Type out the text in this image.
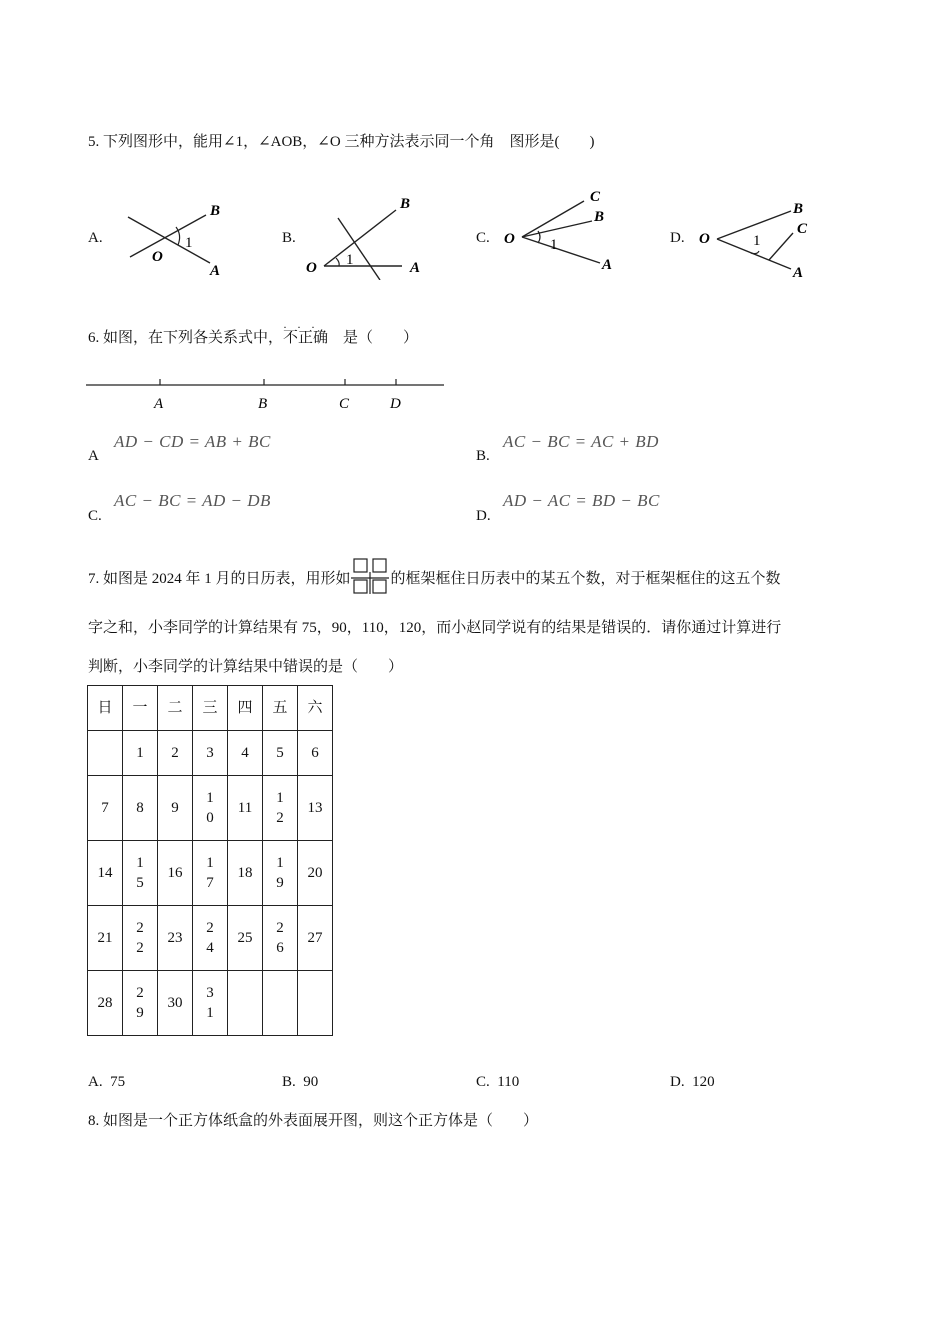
5. 下列图形中，能用∠1，∠AOB，∠O 三种方法表示同一个角　图形是(　　)
A.
O
B
A
1	B.
O
B
A
1
C. O
C
B
A
1	D. O
B
C
A
1
6. 如图，在下列各关系式中，
···
不正确　是（　　）
A	B	C	D
A
AD − CD = AB + BC
B.
AC − BC = AC + BD
C.
AC − BC = AD − DB
D.
AD − AC = BD − BC
7. 如图是 2024 年 1 月的日历表，用形如	的框架框住日历表中的某五个数，对于框架框住的这五个数
字之和，小李同学的计算结果有 75，90，110，120，而小赵同学说有的结果是错误的．请你通过计算进行
判断，小李同学的计算结果中错误的是（　　）
日	一	二	三	四	五	六
	1	2	3	4	5	6
7	8	9	10	11	12	13
14	15	16	17	18	19	20
21	22	23	24	25	26	27
28	29	30	31			
A. 75	B. 90	C. 110	D. 120
8. 如图是一个正方体纸盒的外表面展开图，则这个正方体是（　　）
